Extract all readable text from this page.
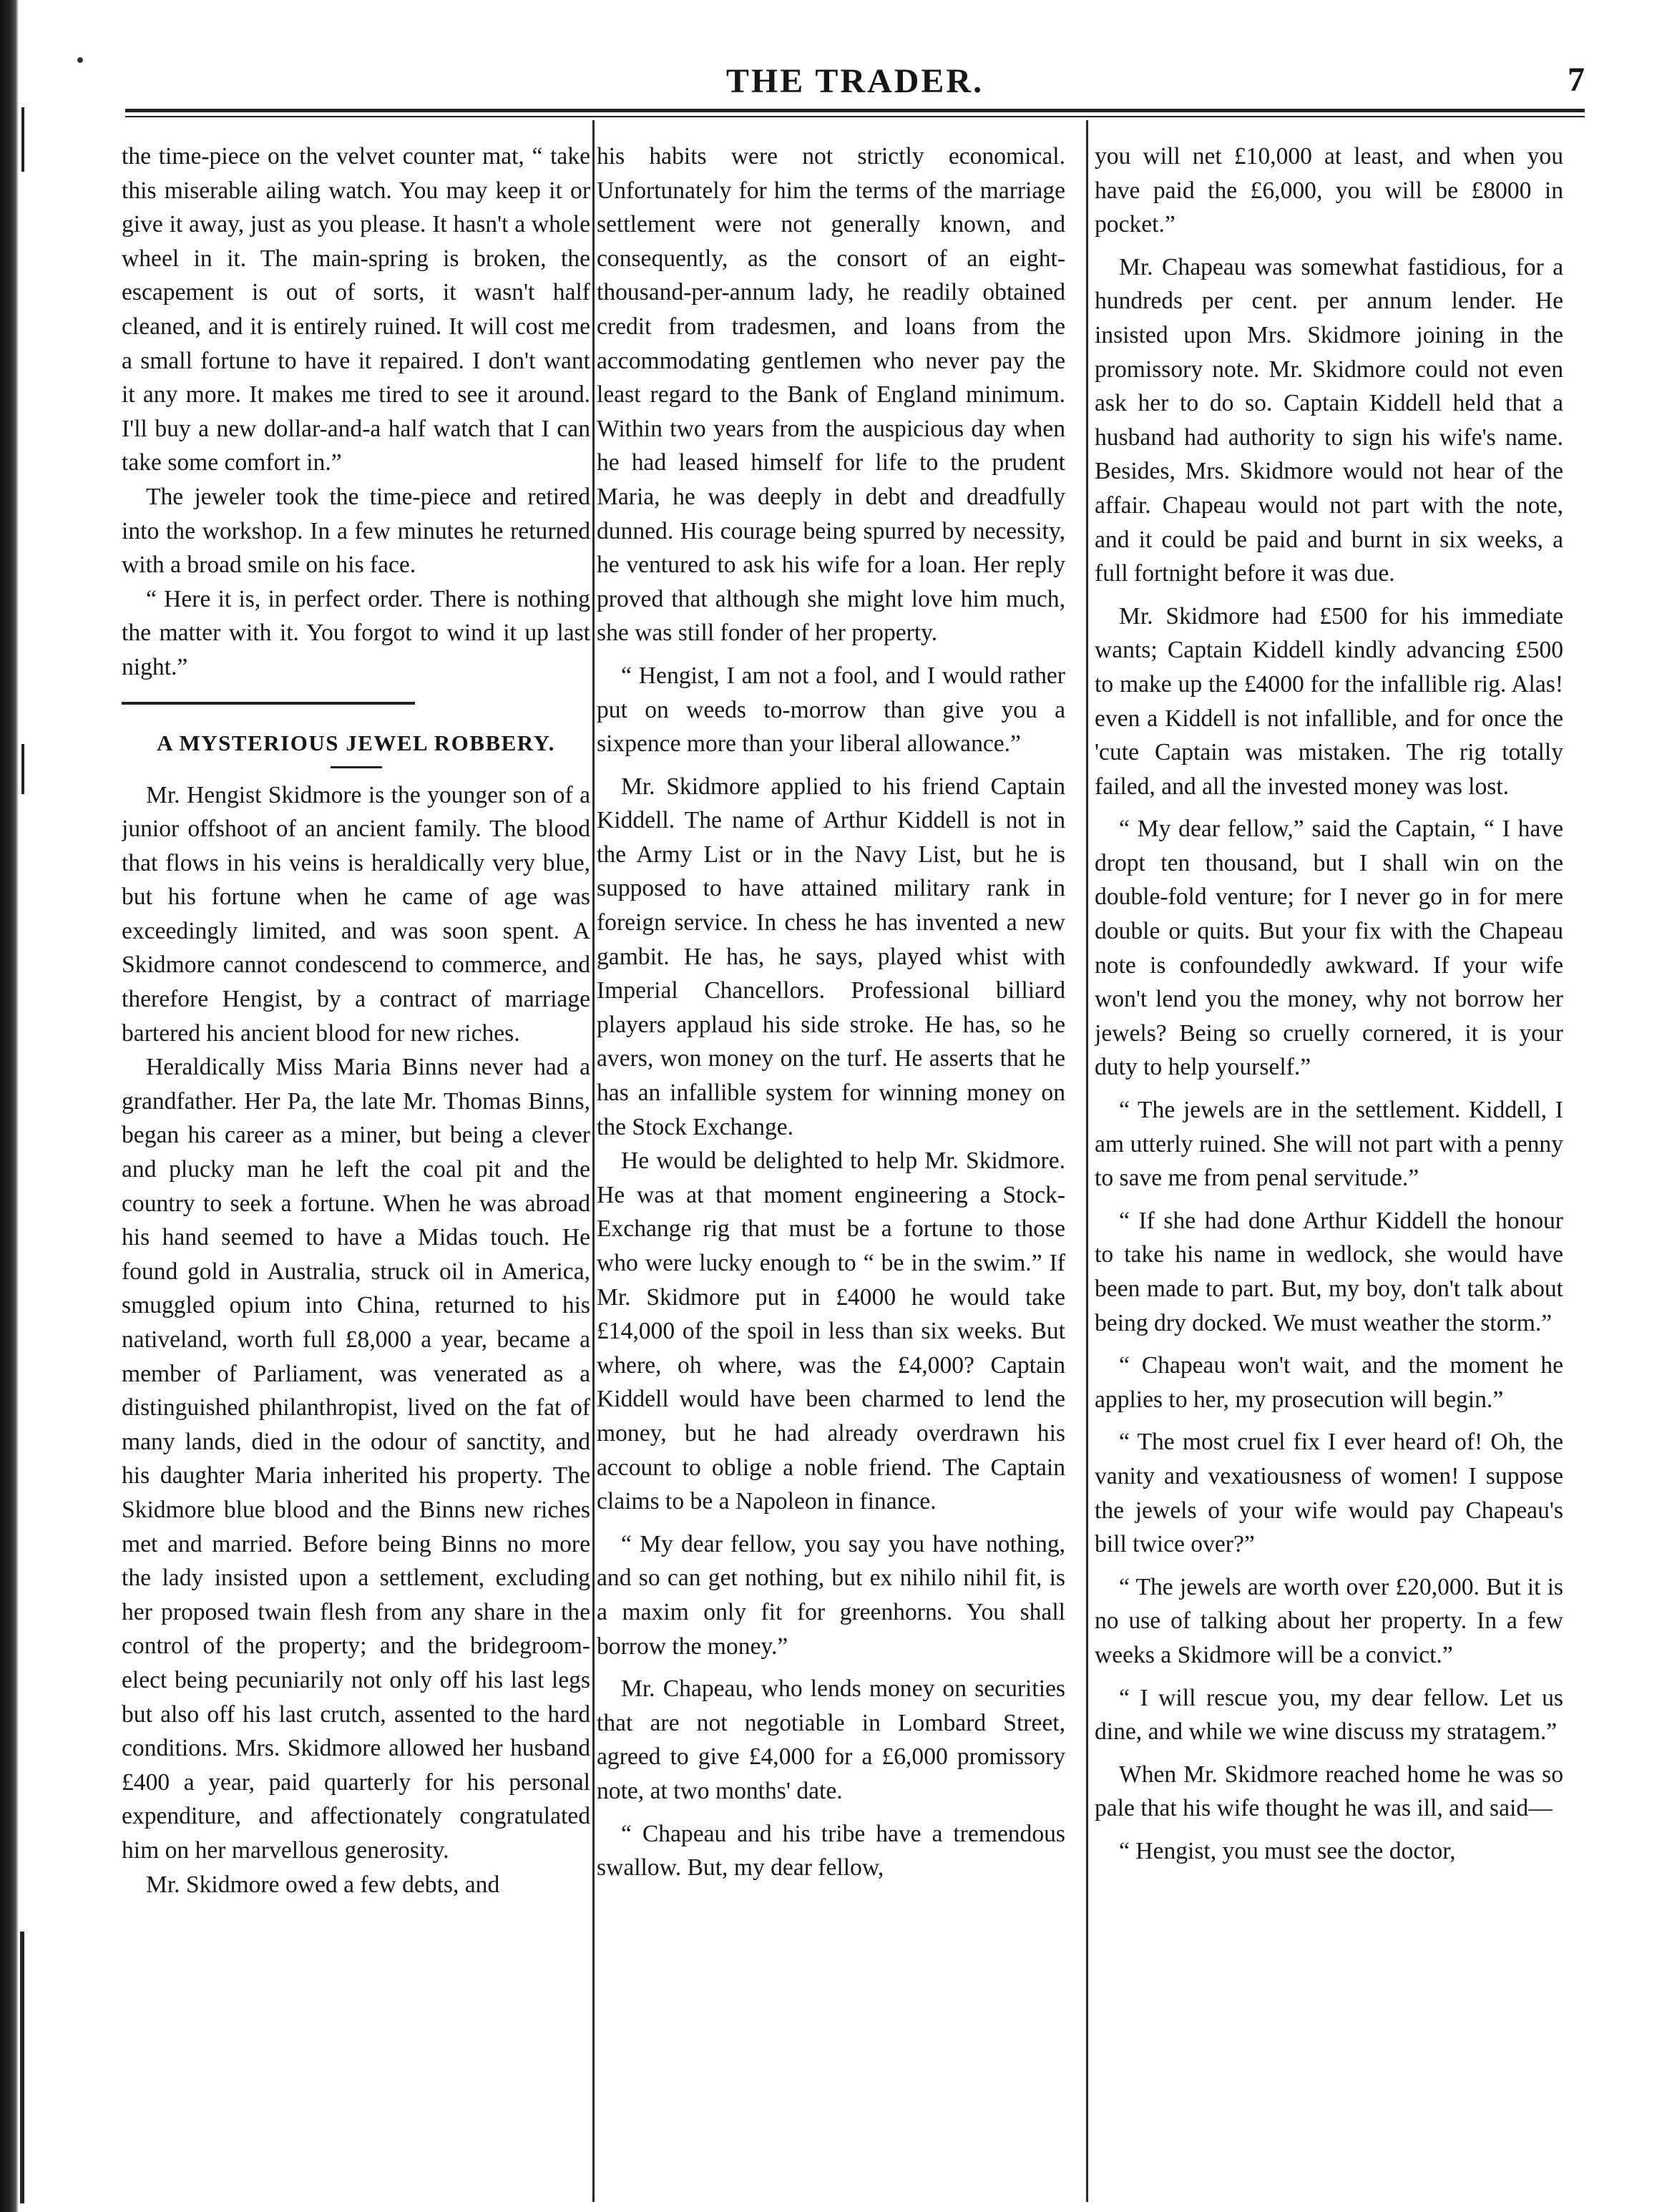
THE TRADER.	7

the time-piece on the velvet counter mat, “ take this miserable ailing watch. You may keep it or give it away, just as you please. It hasn't a whole wheel in it. The main-spring is broken, the escapement is out of sorts, it wasn't half cleaned, and it is entirely ruined. It will cost me a small fortune to have it repaired. I don't want it any more. It makes me tired to see it around. I'll buy a new dollar-and-a half watch that I can take some comfort in.”

The jeweler took the time-piece and retired into the workshop. In a few minutes he returned with a broad smile on his face.

“ Here it is, in perfect order. There is nothing the matter with it. You forgot to wind it up last night.”

A MYSTERIOUS JEWEL ROBBERY.

Mr. Hengist Skidmore is the younger son of a junior offshoot of an ancient family. The blood that flows in his veins is heraldically very blue, but his fortune when he came of age was exceedingly limited, and was soon spent. A Skidmore cannot condescend to commerce, and therefore Hengist, by a contract of marriage bartered his ancient blood for new riches.

Heraldically Miss Maria Binns never had a grandfather. Her Pa, the late Mr. Thomas Binns, began his career as a miner, but being a clever and plucky man he left the coal pit and the country to seek a fortune. When he was abroad his hand seemed to have a Midas touch. He found gold in Australia, struck oil in America, smuggled opium into China, returned to his nativeland, worth full £8,000 a year, became a member of Parliament, was venerated as a distinguished philanthropist, lived on the fat of many lands, died in the odour of sanctity, and his daughter Maria inherited his property. The Skidmore blue blood and the Binns new riches met and married. Before being Binns no more the lady insisted upon a settlement, excluding her proposed twain flesh from any share in the control of the property; and the bridegroom-elect being pecuniarily not only off his last legs but also off his last crutch, assented to the hard conditions. Mrs. Skidmore allowed her husband £400 a year, paid quarterly for his personal expenditure, and affectionately congratulated him on her marvellous generosity.

Mr. Skidmore owed a few debts, and

his habits were not strictly economical. Unfortunately for him the terms of the marriage settlement were not generally known, and consequently, as the consort of an eight-thousand-per-annum lady, he readily obtained credit from tradesmen, and loans from the accommodating gentlemen who never pay the least regard to the Bank of England minimum. Within two years from the auspicious day when he had leased himself for life to the prudent Maria, he was deeply in debt and dreadfully dunned. His courage being spurred by necessity, he ventured to ask his wife for a loan. Her reply proved that although she might love him much, she was still fonder of her property.

“ Hengist, I am not a fool, and I would rather put on weeds to-morrow than give you a sixpence more than your liberal allowance.”

Mr. Skidmore applied to his friend Captain Kiddell. The name of Arthur Kiddell is not in the Army List or in the Navy List, but he is supposed to have attained military rank in foreign service. In chess he has invented a new gambit. He has, he says, played whist with Imperial Chancellors. Professional billiard players applaud his side stroke. He has, so he avers, won money on the turf. He asserts that he has an infallible system for winning money on the Stock Exchange.

He would be delighted to help Mr. Skidmore. He was at that moment engineering a Stock-Exchange rig that must be a fortune to those who were lucky enough to “ be in the swim.” If Mr. Skidmore put in £4000 he would take £14,000 of the spoil in less than six weeks. But where, oh where, was the £4,000? Captain Kiddell would have been charmed to lend the money, but he had already overdrawn his account to oblige a noble friend. The Captain claims to be a Napoleon in finance.

“ My dear fellow, you say you have nothing, and so can get nothing, but ex nihilo nihil fit, is a maxim only fit for greenhorns. You shall borrow the money.”

Mr. Chapeau, who lends money on securities that are not negotiable in Lombard Street, agreed to give £4,000 for a £6,000 promissory note, at two months' date.

“ Chapeau and his tribe have a tremendous swallow. But, my dear fellow,

you will net £10,000 at least, and when you have paid the £6,000, you will be £8000 in pocket.”

Mr. Chapeau was somewhat fastidious, for a hundreds per cent. per annum lender. He insisted upon Mrs. Skidmore joining in the promissory note. Mr. Skidmore could not even ask her to do so. Captain Kiddell held that a husband had authority to sign his wife's name. Besides, Mrs. Skidmore would not hear of the affair. Chapeau would not part with the note, and it could be paid and burnt in six weeks, a full fortnight before it was due.

Mr. Skidmore had £500 for his immediate wants; Captain Kiddell kindly advancing £500 to make up the £4000 for the infallible rig. Alas! even a Kiddell is not infallible, and for once the 'cute Captain was mistaken. The rig totally failed, and all the invested money was lost.

“ My dear fellow,” said the Captain, “ I have dropt ten thousand, but I shall win on the double-fold venture; for I never go in for mere double or quits. But your fix with the Chapeau note is confoundedly awkward. If your wife won't lend you the money, why not borrow her jewels? Being so cruelly cornered, it is your duty to help yourself.”

“ The jewels are in the settlement. Kiddell, I am utterly ruined. She will not part with a penny to save me from penal servitude.”

“ If she had done Arthur Kiddell the honour to take his name in wedlock, she would have been made to part. But, my boy, don't talk about being dry docked. We must weather the storm.”

“ Chapeau won't wait, and the moment he applies to her, my prosecution will begin.”

“ The most cruel fix I ever heard of! Oh, the vanity and vexatiousness of women! I suppose the jewels of your wife would pay Chapeau's bill twice over?”

“ The jewels are worth over £20,000. But it is no use of talking about her property. In a few weeks a Skidmore will be a convict.”

“ I will rescue you, my dear fellow. Let us dine, and while we wine discuss my stratagem.”

When Mr. Skidmore reached home he was so pale that his wife thought he was ill, and said—

“ Hengist, you must see the doctor,
